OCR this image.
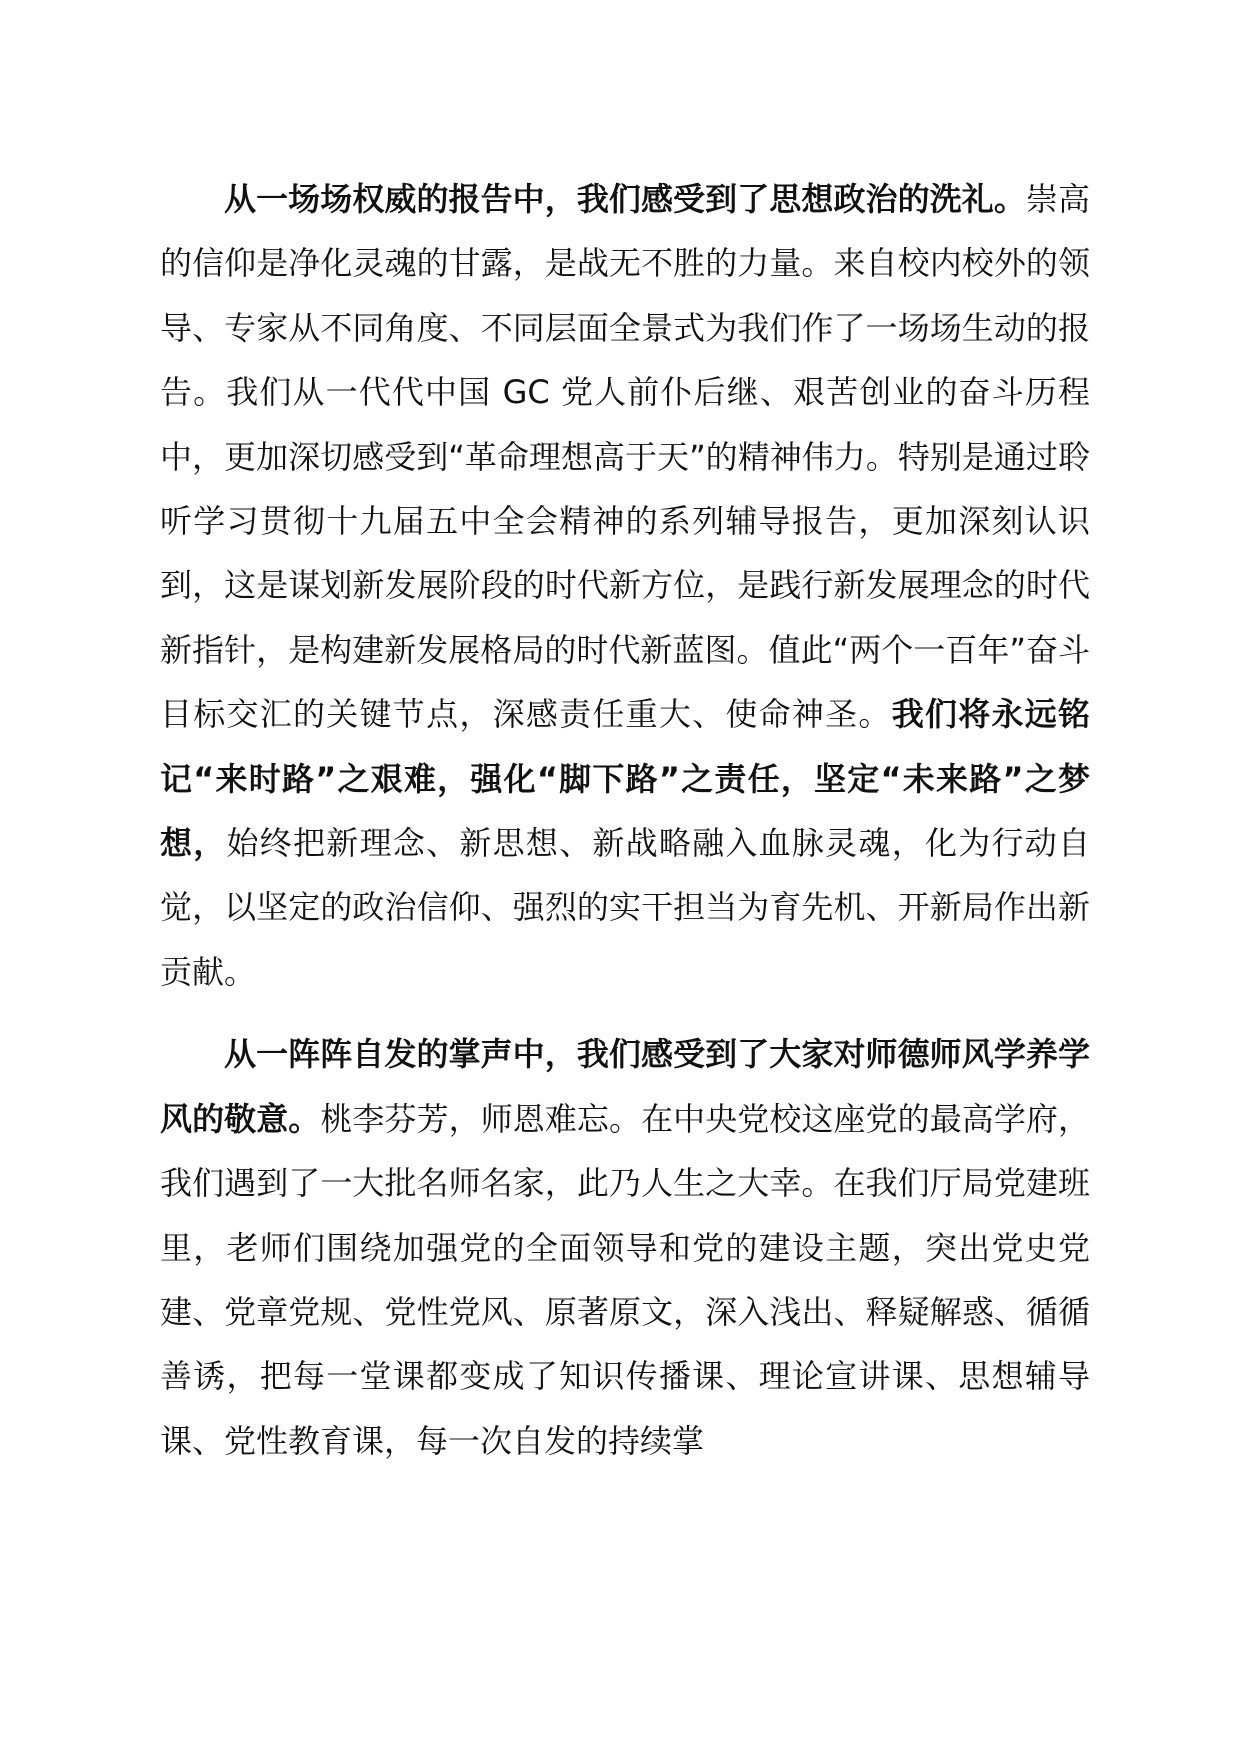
从一场场权威的报告中，我们感受到了思想政治的洗礼。崇高的信仰是净化灵魂的甘露，是战无不胜的力量。来自校内校外的领导、专家从不同角度、不同层面全景式为我们作了一场场生动的报告。我们从一代代中国 GC 党人前仆后继、艰苦创业的奋斗历程中，更加深切感受到“革命理想高于天”的精神伟力。特别是通过聆听学习贯彻十九届五中全会精神的系列辅导报告，更加深刻认识到，这是谋划新发展阶段的时代新方位，是践行新发展理念的时代新指针，是构建新发展格局的时代新蓝图。值此“两个一百年”奋斗目标交汇的关键节点，深感责任重大、使命神圣。我们将永远铭记“来时路”之艰难，强化“脚下路”之责任，坚定“未来路”之梦想，始终把新理念、新思想、新战略融入血脉灵魂，化为行动自觉，以坚定的政治信仰、强烈的实干担当为育先机、开新局作出新贡献。

从一阵阵自发的掌声中，我们感受到了大家对师德师风学养学风的敬意。桃李芬芳，师恩难忘。在中央党校这座党的最高学府，我们遇到了一大批名师名家，此乃人生之大幸。在我们厅局党建班里，老师们围绕加强党的全面领导和党的建设主题，突出党史党建、党章党规、党性党风、原著原文，深入浅出、释疑解惑、循循善诱，把每一堂课都变成了知识传播课、理论宣讲课、思想辅导课、党性教育课，每一次自发的持续掌
